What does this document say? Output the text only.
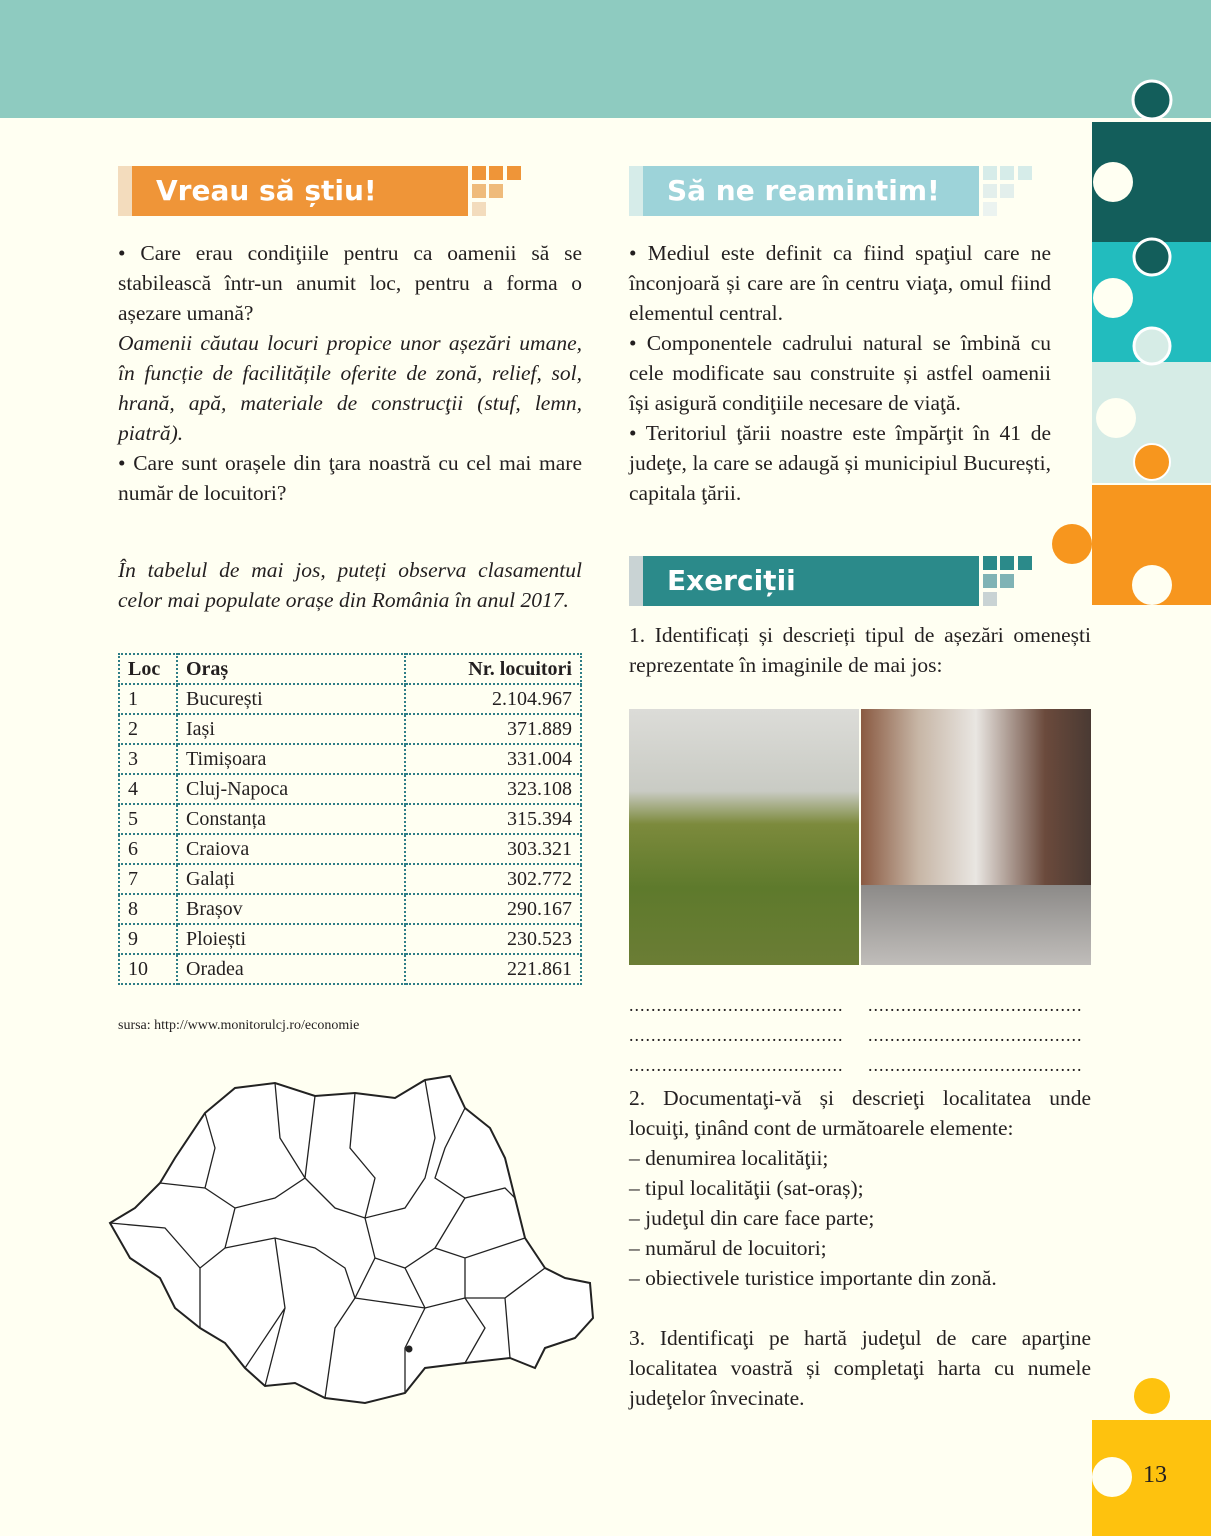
13
Vreau să știu!

• Care erau condiţiile pentru ca oamenii să se stabilească într-un anumit loc, pentru a forma o așezare umană?

Oamenii căutau locuri propice unor așezări umane, în funcție de facilitățile oferite de zonă, relief, sol, hrană, apă, materiale de construcţii (stuf, lemn, piatră).

• Care sunt orașele din ţara noastră cu cel mai mare număr de locuitori?

În tabelul de mai jos, puteți observa clasamentul celor mai populate orașe din România în anul 2017.
Loc	Oraș	Nr. locuitori
1	București	2.104.967
2	Iași	371.889
3	Timișoara	331.004
4	Cluj-Napoca	323.108
5	Constanța	315.394
6	Craiova	303.321
7	Galați	302.772
8	Brașov	290.167
9	Ploiești	230.523
10	Oradea	221.861
sursa: http://www.monitorulcj.ro/economie
Să ne reamintim!

• Mediul este definit ca fiind spaţiul care ne înconjoară și care are în centru viaţa, omul fiind elementul central.

• Componentele cadrului natural se îmbină cu cele modificate sau construite și astfel oamenii își asigură condiţiile necesare de viaţă.

• Teritoriul ţării noastre este împărţit în 41 de judeţe, la care se adaugă și municipiul București, capitala ţării.

Exerciții
1. Identificați și descrieți tipul de așezări omenești reprezentate în imaginile de mai jos:
.......................................
.......................................
.......................................
.......................................
.......................................
.......................................

2. Documentaţi-vă și descrieţi localitatea unde locuiţi, ţinând cont de următoarele elemente:

– denumirea localităţii;

– tipul localităţii (sat-oraș);

– judeţul din care face parte;

– numărul de locuitori;

– obiectivele turistice importante din zonă.

3. Identificaţi pe hartă judeţul de care aparţine localitatea voastră și completaţi harta cu numele judeţelor învecinate.
